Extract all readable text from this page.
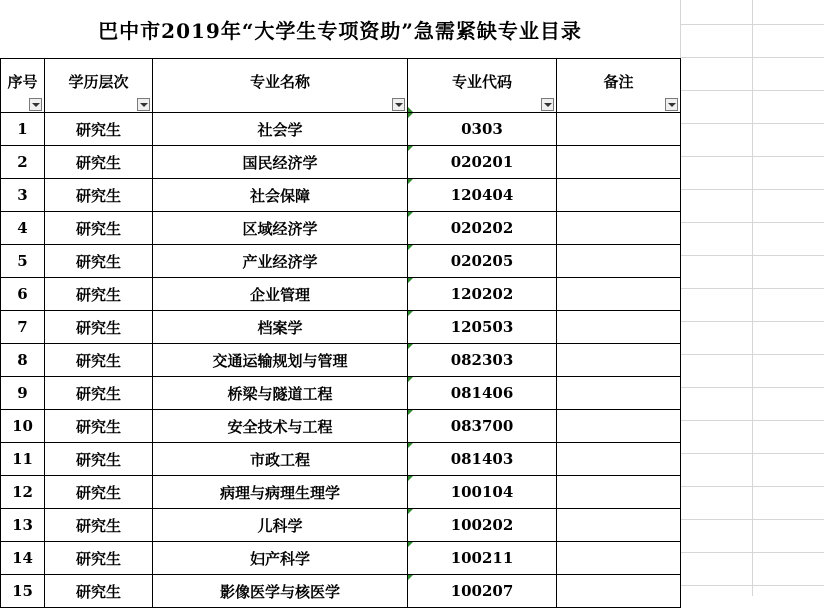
巴中市2019年“大学生专项资助”急需紧缺专业目录
序号	学历层次	专业名称	专业代码	备注

1	研究生	社会学	0303	
2	研究生	国民经济学	020201	
3	研究生	社会保障	120404	
4	研究生	区域经济学	020202	
5	研究生	产业经济学	020205	
6	研究生	企业管理	120202	
7	研究生	档案学	120503	
8	研究生	交通运输规划与管理	082303	
9	研究生	桥梁与隧道工程	081406	
10	研究生	安全技术与工程	083700	
11	研究生	市政工程	081403	
12	研究生	病理与病理生理学	100104	
13	研究生	儿科学	100202	
14	研究生	妇产科学	100211	
15	研究生	影像医学与核医学	100207	
